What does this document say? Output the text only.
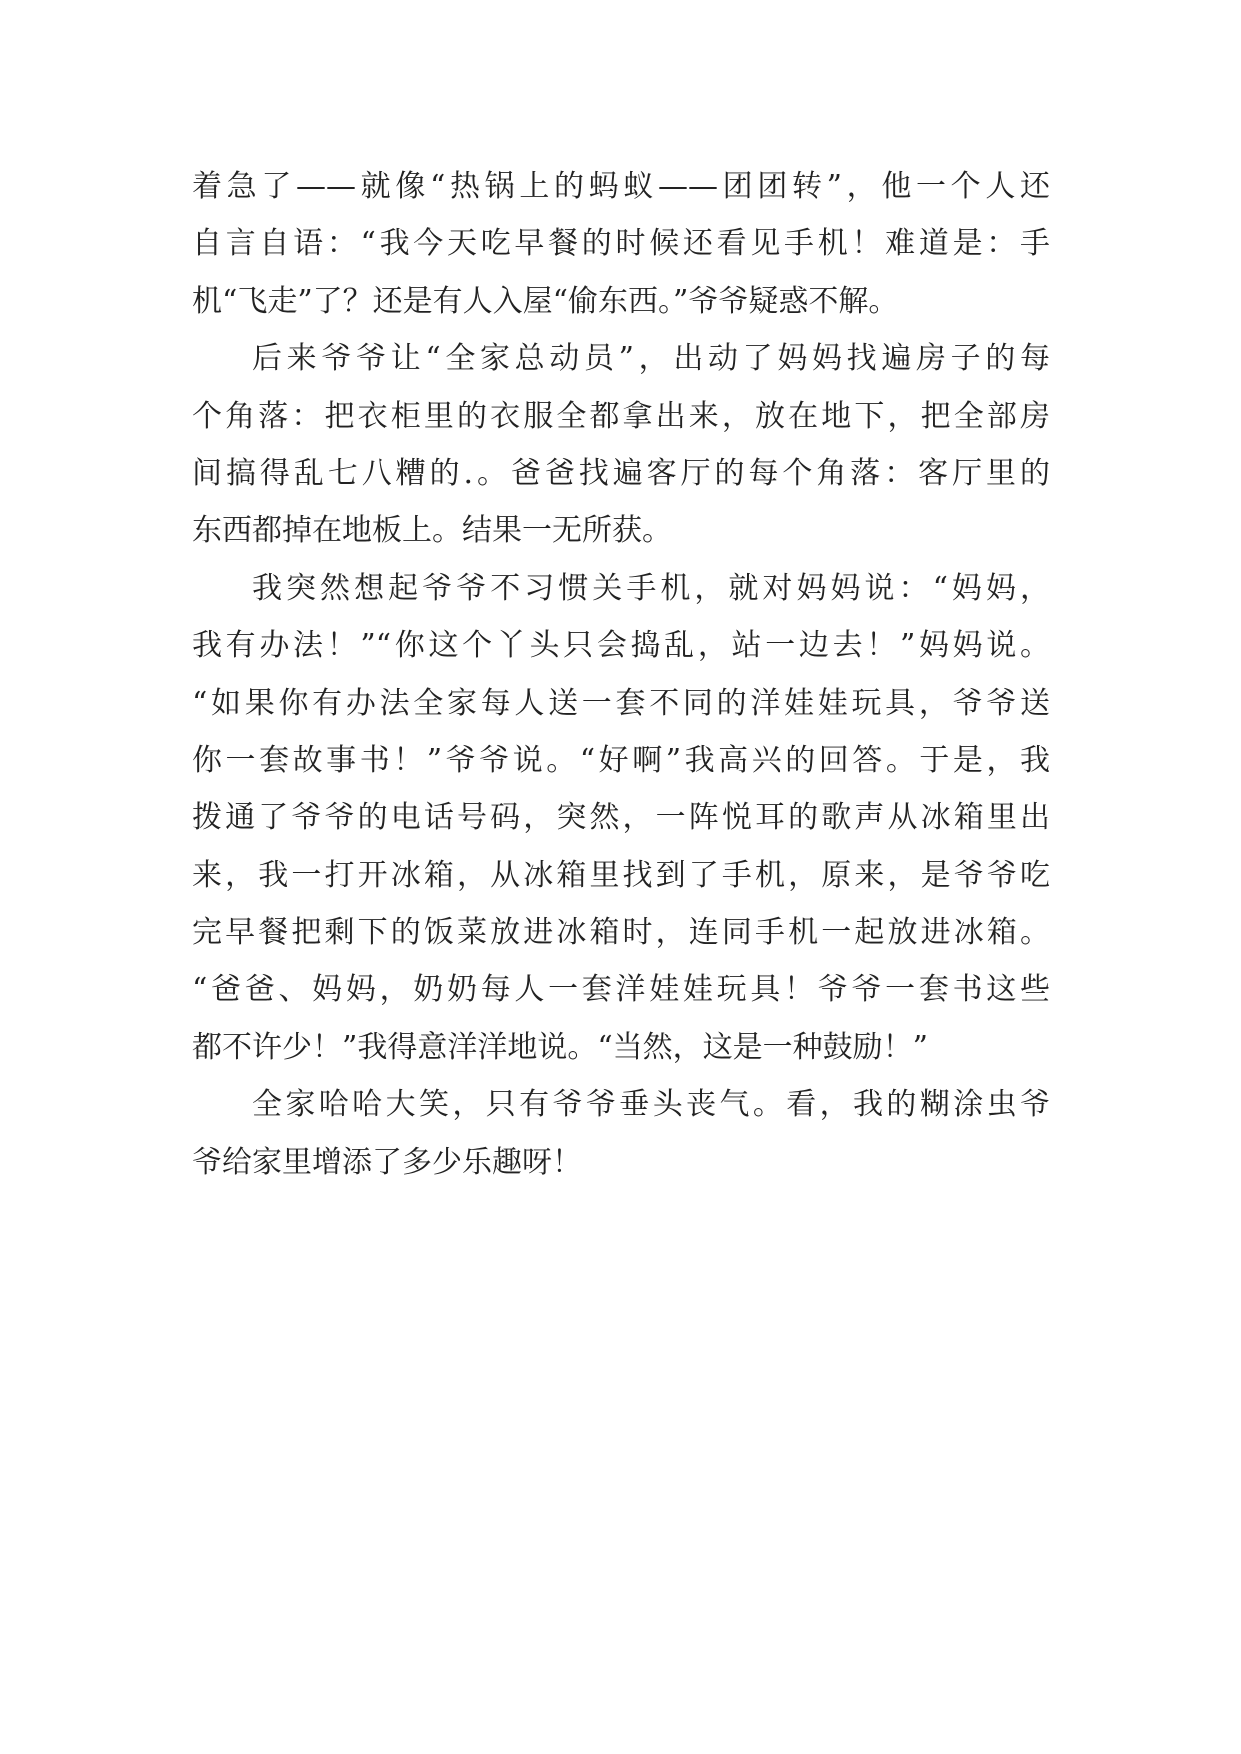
着急了——就像“热锅上的蚂蚁——团团转”，他一个人还
自言自语：“我今天吃早餐的时候还看见手机！难道是：手
机“飞走”了？还是有人入屋“偷东西。”爷爷疑惑不解。
后来爷爷让“全家总动员”，出动了妈妈找遍房子的每
个角落：把衣柜里的衣服全都拿出来，放在地下，把全部房
间搞得乱七八糟的.。爸爸找遍客厅的每个角落：客厅里的
东西都掉在地板上。结果一无所获。
我突然想起爷爷不习惯关手机，就对妈妈说：“妈妈，
我有办法！”“你这个丫头只会捣乱，站一边去！”妈妈说。
“如果你有办法全家每人送一套不同的洋娃娃玩具，爷爷送
你一套故事书！”爷爷说。“好啊”我高兴的回答。于是，我
拨通了爷爷的电话号码，突然，一阵悦耳的歌声从冰箱里出
来，我一打开冰箱，从冰箱里找到了手机，原来，是爷爷吃
完早餐把剩下的饭菜放进冰箱时，连同手机一起放进冰箱。
“爸爸、妈妈，奶奶每人一套洋娃娃玩具！爷爷一套书这些
都不许少！”我得意洋洋地说。“当然，这是一种鼓励！”
全家哈哈大笑，只有爷爷垂头丧气。看，我的糊涂虫爷
爷给家里增添了多少乐趣呀！
